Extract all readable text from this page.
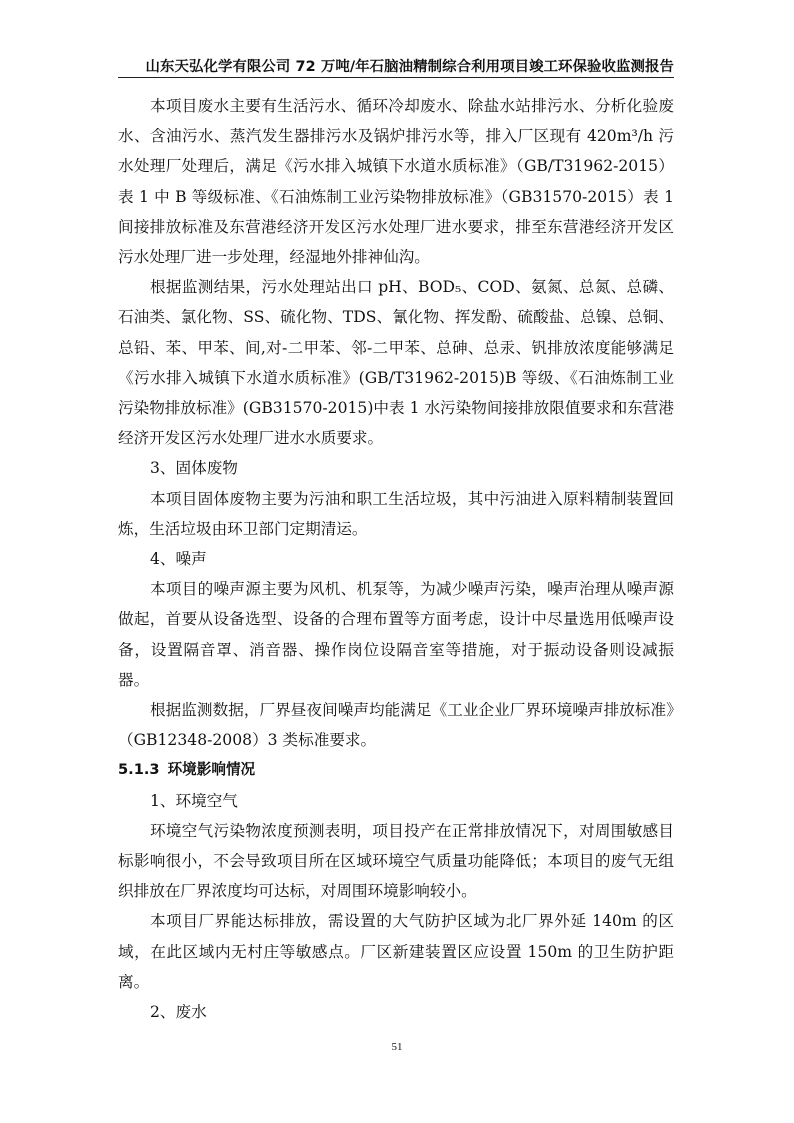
山东天弘化学有限公司 72 万吨/年石脑油精制综合利用项目竣工环保验收监测报告

本项目废水主要有生活污水、循环冷却废水、除盐水站排污水、分析化验废水、含油污水、蒸汽发生器排污水及锅炉排污水等，排入厂区现有 420m³/h 污水处理厂处理后，满足《污水排入城镇下水道水质标准》（GB/T31962-2015）表 1 中 B 等级标准、《石油炼制工业污染物排放标准》（GB31570-2015）表 1 间接排放标准及东营港经济开发区污水处理厂进水要求，排至东营港经济开发区污水处理厂进一步处理，经湿地外排神仙沟。

根据监测结果，污水处理站出口 pH、BOD₅、COD、氨氮、总氮、总磷、石油类、氯化物、SS、硫化物、TDS、氰化物、挥发酚、硫酸盐、总镍、总铜、总铅、苯、甲苯、间,对-二甲苯、邻-二甲苯、总砷、总汞、钒排放浓度能够满足《污水排入城镇下水道水质标准》(GB/T31962-2015)B 等级、《石油炼制工业污染物排放标准》(GB31570-2015)中表 1 水污染物间接排放限值要求和东营港经济开发区污水处理厂进水水质要求。

3、固体废物

本项目固体废物主要为污油和职工生活垃圾，其中污油进入原料精制装置回炼，生活垃圾由环卫部门定期清运。

4、噪声

本项目的噪声源主要为风机、机泵等，为减少噪声污染，噪声治理从噪声源做起，首要从设备选型、设备的合理布置等方面考虑，设计中尽量选用低噪声设备，设置隔音罩、消音器、操作岗位设隔音室等措施，对于振动设备则设减振器。

根据监测数据，厂界昼夜间噪声均能满足《工业企业厂界环境噪声排放标准》（GB12348-2008）3 类标准要求。

5.1.3 环境影响情况

1、环境空气

环境空气污染物浓度预测表明，项目投产在正常排放情况下，对周围敏感目标影响很小，不会导致项目所在区域环境空气质量功能降低；本项目的废气无组织排放在厂界浓度均可达标，对周围环境影响较小。

本项目厂界能达标排放，需设置的大气防护区域为北厂界外延 140m 的区域，在此区域内无村庄等敏感点。厂区新建装置区应设置 150m 的卫生防护距离。

2、废水

51
